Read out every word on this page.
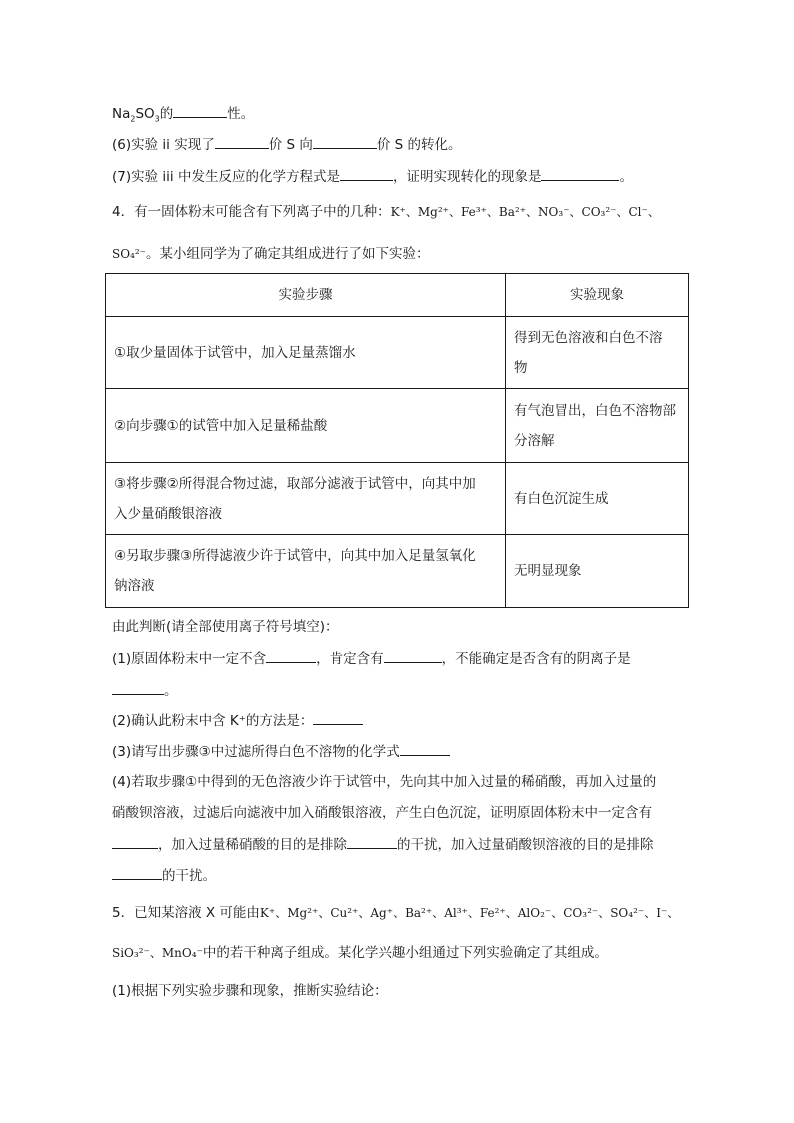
$Na_2SO_3$的	性。
(6)实验 ii 实现了	价 S 向	价 S 的转化。
(7)实验 iii 中发生反应的化学方程式是	，证明实现转化的现象是	。
4．有一固体粉末可能含有下列离子中的几种：K⁺、Mg²⁺、Fe³⁺、Ba²⁺、NO₃⁻、CO₃²⁻、Cl⁻、
SO₄²⁻。某小组同学为了确定其组成进行了如下实验：
实验步骤	实验现象
①取少量固体于试管中，加入足量蒸馏水	得到无色溶液和白色不溶
物
②向步骤①的试管中加入足量稀盐酸	有气泡冒出，白色不溶物部
分溶解
③将步骤②所得混合物过滤，取部分滤液于试管中，向其中加
入少量硝酸银溶液	有白色沉淀生成
④另取步骤③所得滤液少许于试管中，向其中加入足量氢氧化
钠溶液	无明显现象
由此判断(请全部使用离子符号填空)：
(1)原固体粉末中一定不含	，肯定含有	，不能确定是否含有的阴离子是
。
(2)确认此粉末中含 K⁺的方法是：
(3)请写出步骤③中过滤所得白色不溶物的化学式
(4)若取步骤①中得到的无色溶液少许于试管中，先向其中加入过量的稀硝酸，再加入过量的
硝酸钡溶液，过滤后向滤液中加入硝酸银溶液，产生白色沉淀，证明原固体粉末中一定含有
，加入过量稀硝酸的目的是排除	的干扰，加入过量硝酸钡溶液的目的是排除
的干扰。
5．已知某溶液 X 可能由K⁺、Mg²⁺、Cu²⁺、Ag⁺、Ba²⁺、Al³⁺、Fe²⁺、AlO₂⁻、CO₃²⁻、SO₄²⁻、I⁻、
SiO₃²⁻、MnO₄⁻中的若干种离子组成。某化学兴趣小组通过下列实验确定了其组成。
(1)根据下列实验步骤和现象，推断实验结论：
